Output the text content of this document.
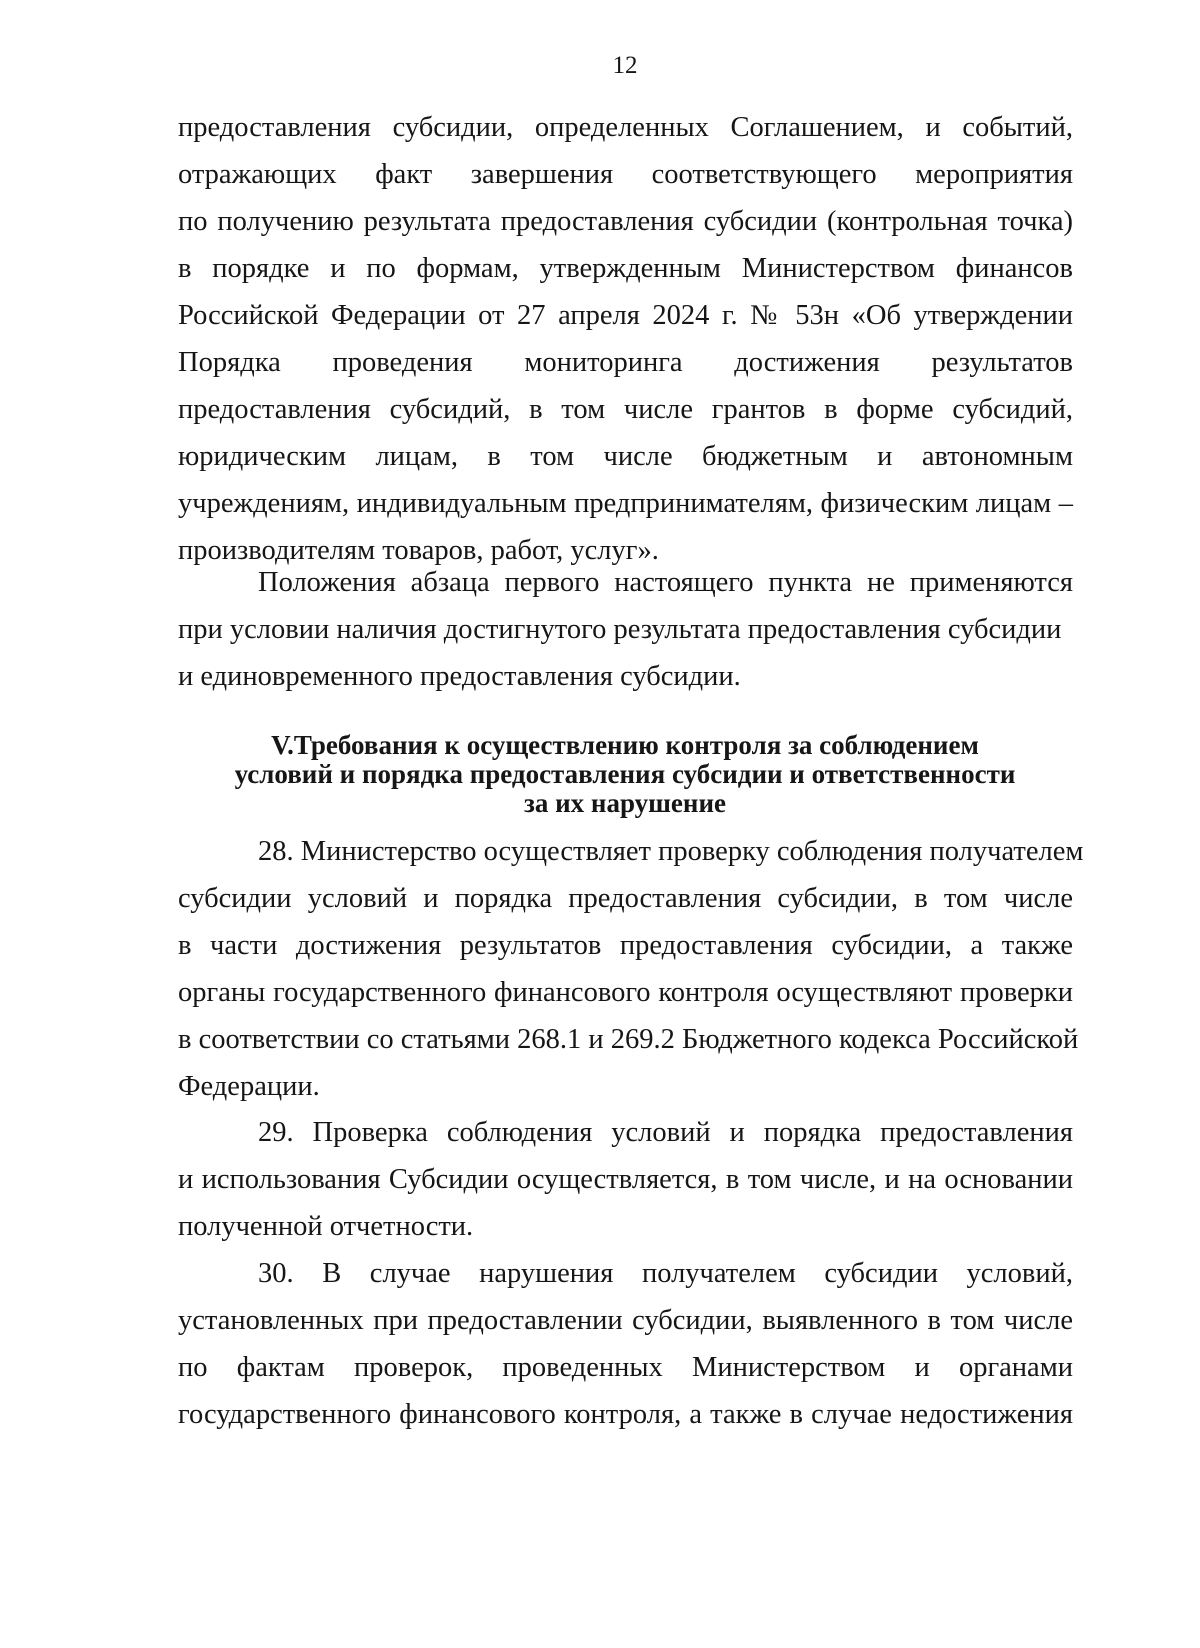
12
предоставления субсидии, определенных Соглашением, и событий,
отражающих факт завершения соответствующего мероприятия
по получению результата предоставления субсидии (контрольная точка)
в порядке и по формам, утвержденным Министерством финансов
Российской Федерации от 27 апреля 2024 г. № 53н «Об утверждении
Порядка проведения мониторинга достижения результатов
предоставления субсидий, в том числе грантов в форме субсидий,
юридическим лицам, в том числе бюджетным и автономным
учреждениям, индивидуальным предпринимателям, физическим лицам –
производителям товаров, работ, услуг».
Положения абзаца первого настоящего пункта не применяются
при условии наличия достигнутого результата предоставления субсидии
и единовременного предоставления субсидии.
V.Требования к осуществлению контроля за соблюдением
условий и порядка предоставления субсидии и ответственности
за их нарушение
28. Министерство осуществляет проверку соблюдения получателем
субсидии условий и порядка предоставления субсидии, в том числе
в части достижения результатов предоставления субсидии, а также
органы государственного финансового контроля осуществляют проверки
в соответствии со статьями 268.1 и 269.2 Бюджетного кодекса Российской
Федерации.
29. Проверка соблюдения условий и порядка предоставления
и использования Субсидии осуществляется, в том числе, и на основании
полученной отчетности.
30. В случае нарушения получателем субсидии условий,
установленных при предоставлении субсидии, выявленного в том числе
по фактам проверок, проведенных Министерством и органами
государственного финансового контроля, а также в случае недостижения
